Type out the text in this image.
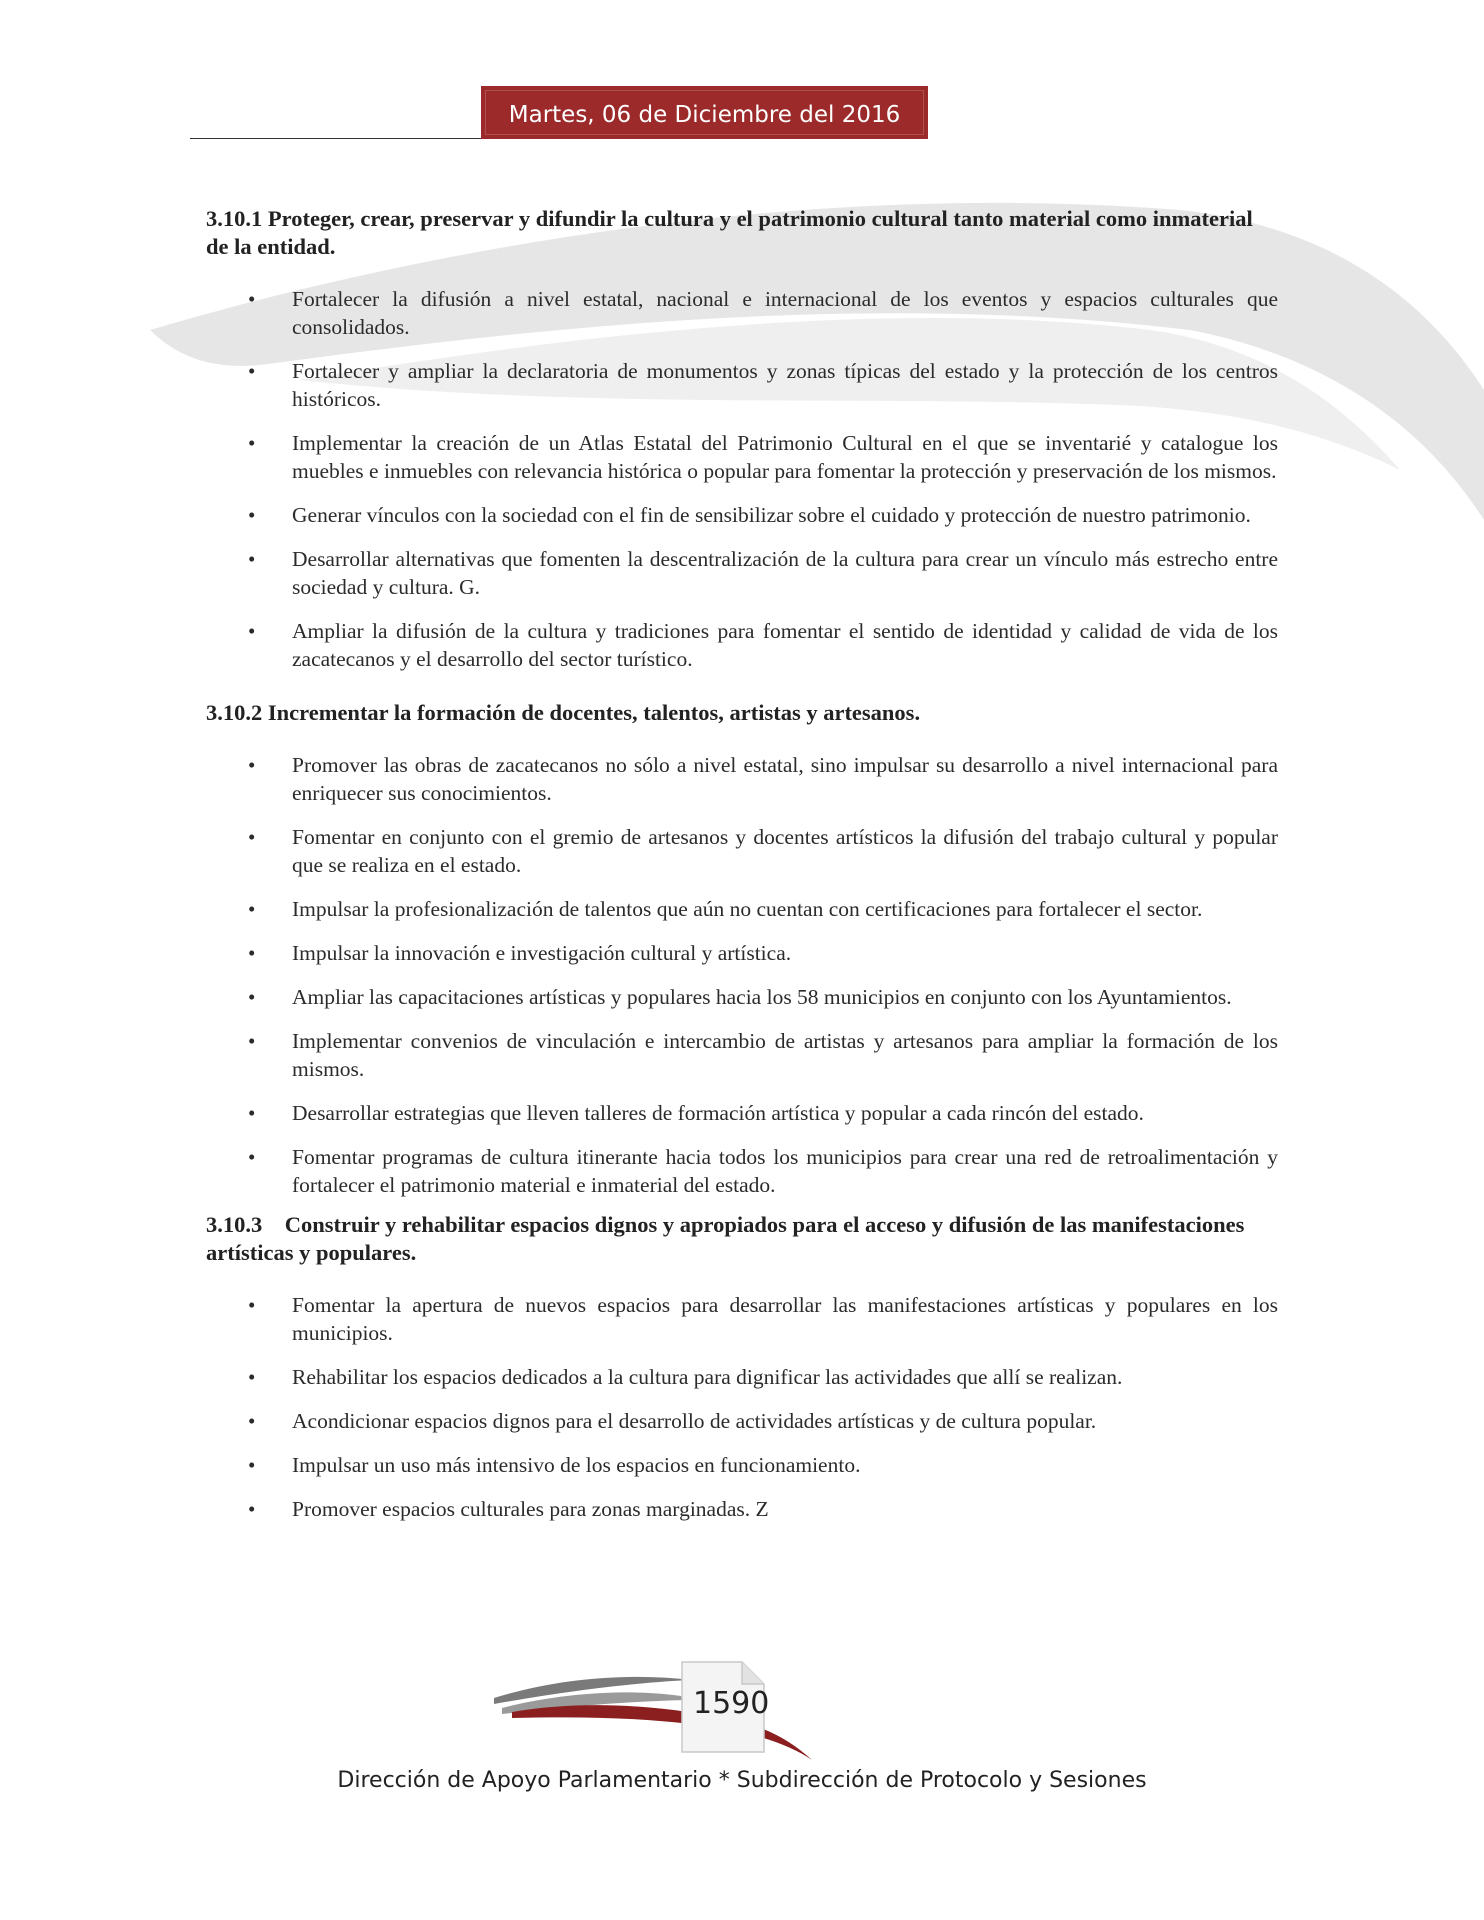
Martes, 06 de Diciembre del 2016

3.10.1 Proteger, crear, preservar y difundir la cultura y el patrimonio cultural tanto material como inmaterial de la entidad.

• Fortalecer la difusión a nivel estatal, nacional e internacional de los eventos y espacios culturales que consolidados.
• Fortalecer y ampliar la declaratoria de monumentos y zonas típicas del estado y la protección de los centros históricos.
• Implementar la creación de un Atlas Estatal del Patrimonio Cultural en el que se inventarié y catalogue los muebles e inmuebles con relevancia histórica o popular para fomentar la protección y preservación de los mismos.
• Generar vínculos con la sociedad con el fin de sensibilizar sobre el cuidado y protección de nuestro patrimonio.
• Desarrollar alternativas que fomenten la descentralización de la cultura para crear un vínculo más estrecho entre sociedad y cultura. G.
• Ampliar la difusión de la cultura y tradiciones para fomentar el sentido de identidad y calidad de vida de los zacatecanos y el desarrollo del sector turístico.

3.10.2 Incrementar la formación de docentes, talentos, artistas y artesanos.

• Promover las obras de zacatecanos no sólo a nivel estatal, sino impulsar su desarrollo a nivel internacional para enriquecer sus conocimientos.
• Fomentar en conjunto con el gremio de artesanos y docentes artísticos la difusión del trabajo cultural y popular que se realiza en el estado.
• Impulsar la profesionalización de talentos que aún no cuentan con certificaciones para fortalecer el sector.
• Impulsar la innovación e investigación cultural y artística.
• Ampliar las capacitaciones artísticas y populares hacia los 58 municipios en conjunto con los Ayuntamientos.
• Implementar convenios de vinculación e intercambio de artistas y artesanos para ampliar la formación de los mismos.
• Desarrollar estrategias que lleven talleres de formación artística y popular a cada rincón del estado.
• Fomentar programas de cultura itinerante hacia todos los municipios para crear una red de retroalimentación y fortalecer el patrimonio material e inmaterial del estado.

3.10.3    Construir y rehabilitar espacios dignos y apropiados para el acceso y difusión de las manifestaciones artísticas y populares.

• Fomentar la apertura de nuevos espacios para desarrollar las manifestaciones artísticas y populares en los municipios.
• Rehabilitar los espacios dedicados a la cultura para dignificar las actividades que allí se realizan.
• Acondicionar espacios dignos para el desarrollo de actividades artísticas y de cultura popular.
• Impulsar un uso más intensivo de los espacios en funcionamiento.
• Promover espacios culturales para zonas marginadas. Z
1590
Dirección de Apoyo Parlamentario * Subdirección de Protocolo y Sesiones
